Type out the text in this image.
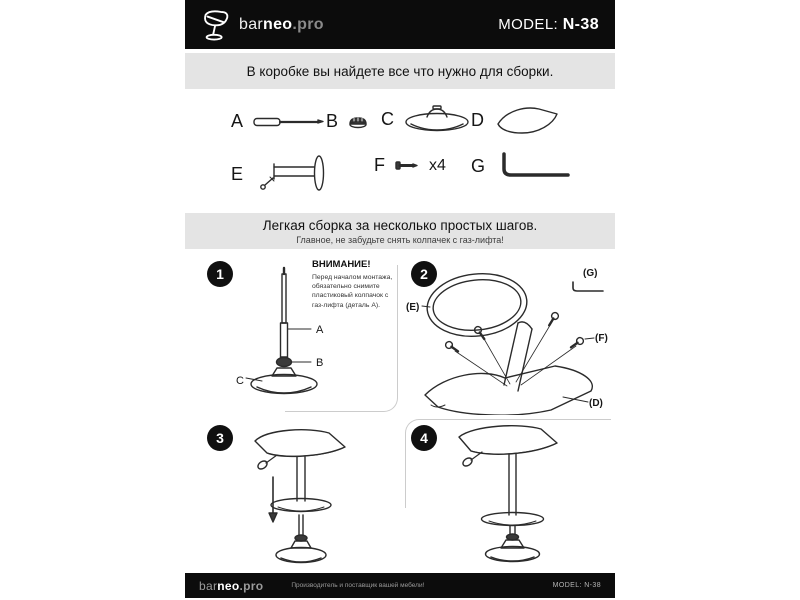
barneo.pro	MODEL: N-38
В коробке вы найдете все что нужно для сборки.
A	B C	D
E	F	x4 G
Легкая сборка за несколько простых шагов.
Главное, не забудьте снять колпачек с газ-лифта!
1
ВНИМАНИЕ!
Перед началом монтажа, обязательно снимите пластиковый колпачок с газ-лифта (деталь А).
A
B
C
2
(E)
(G)
(F)
(D)
3	4
barneo.pro	Производитель и поставщик вашей мебели!	MODEL: N-38
